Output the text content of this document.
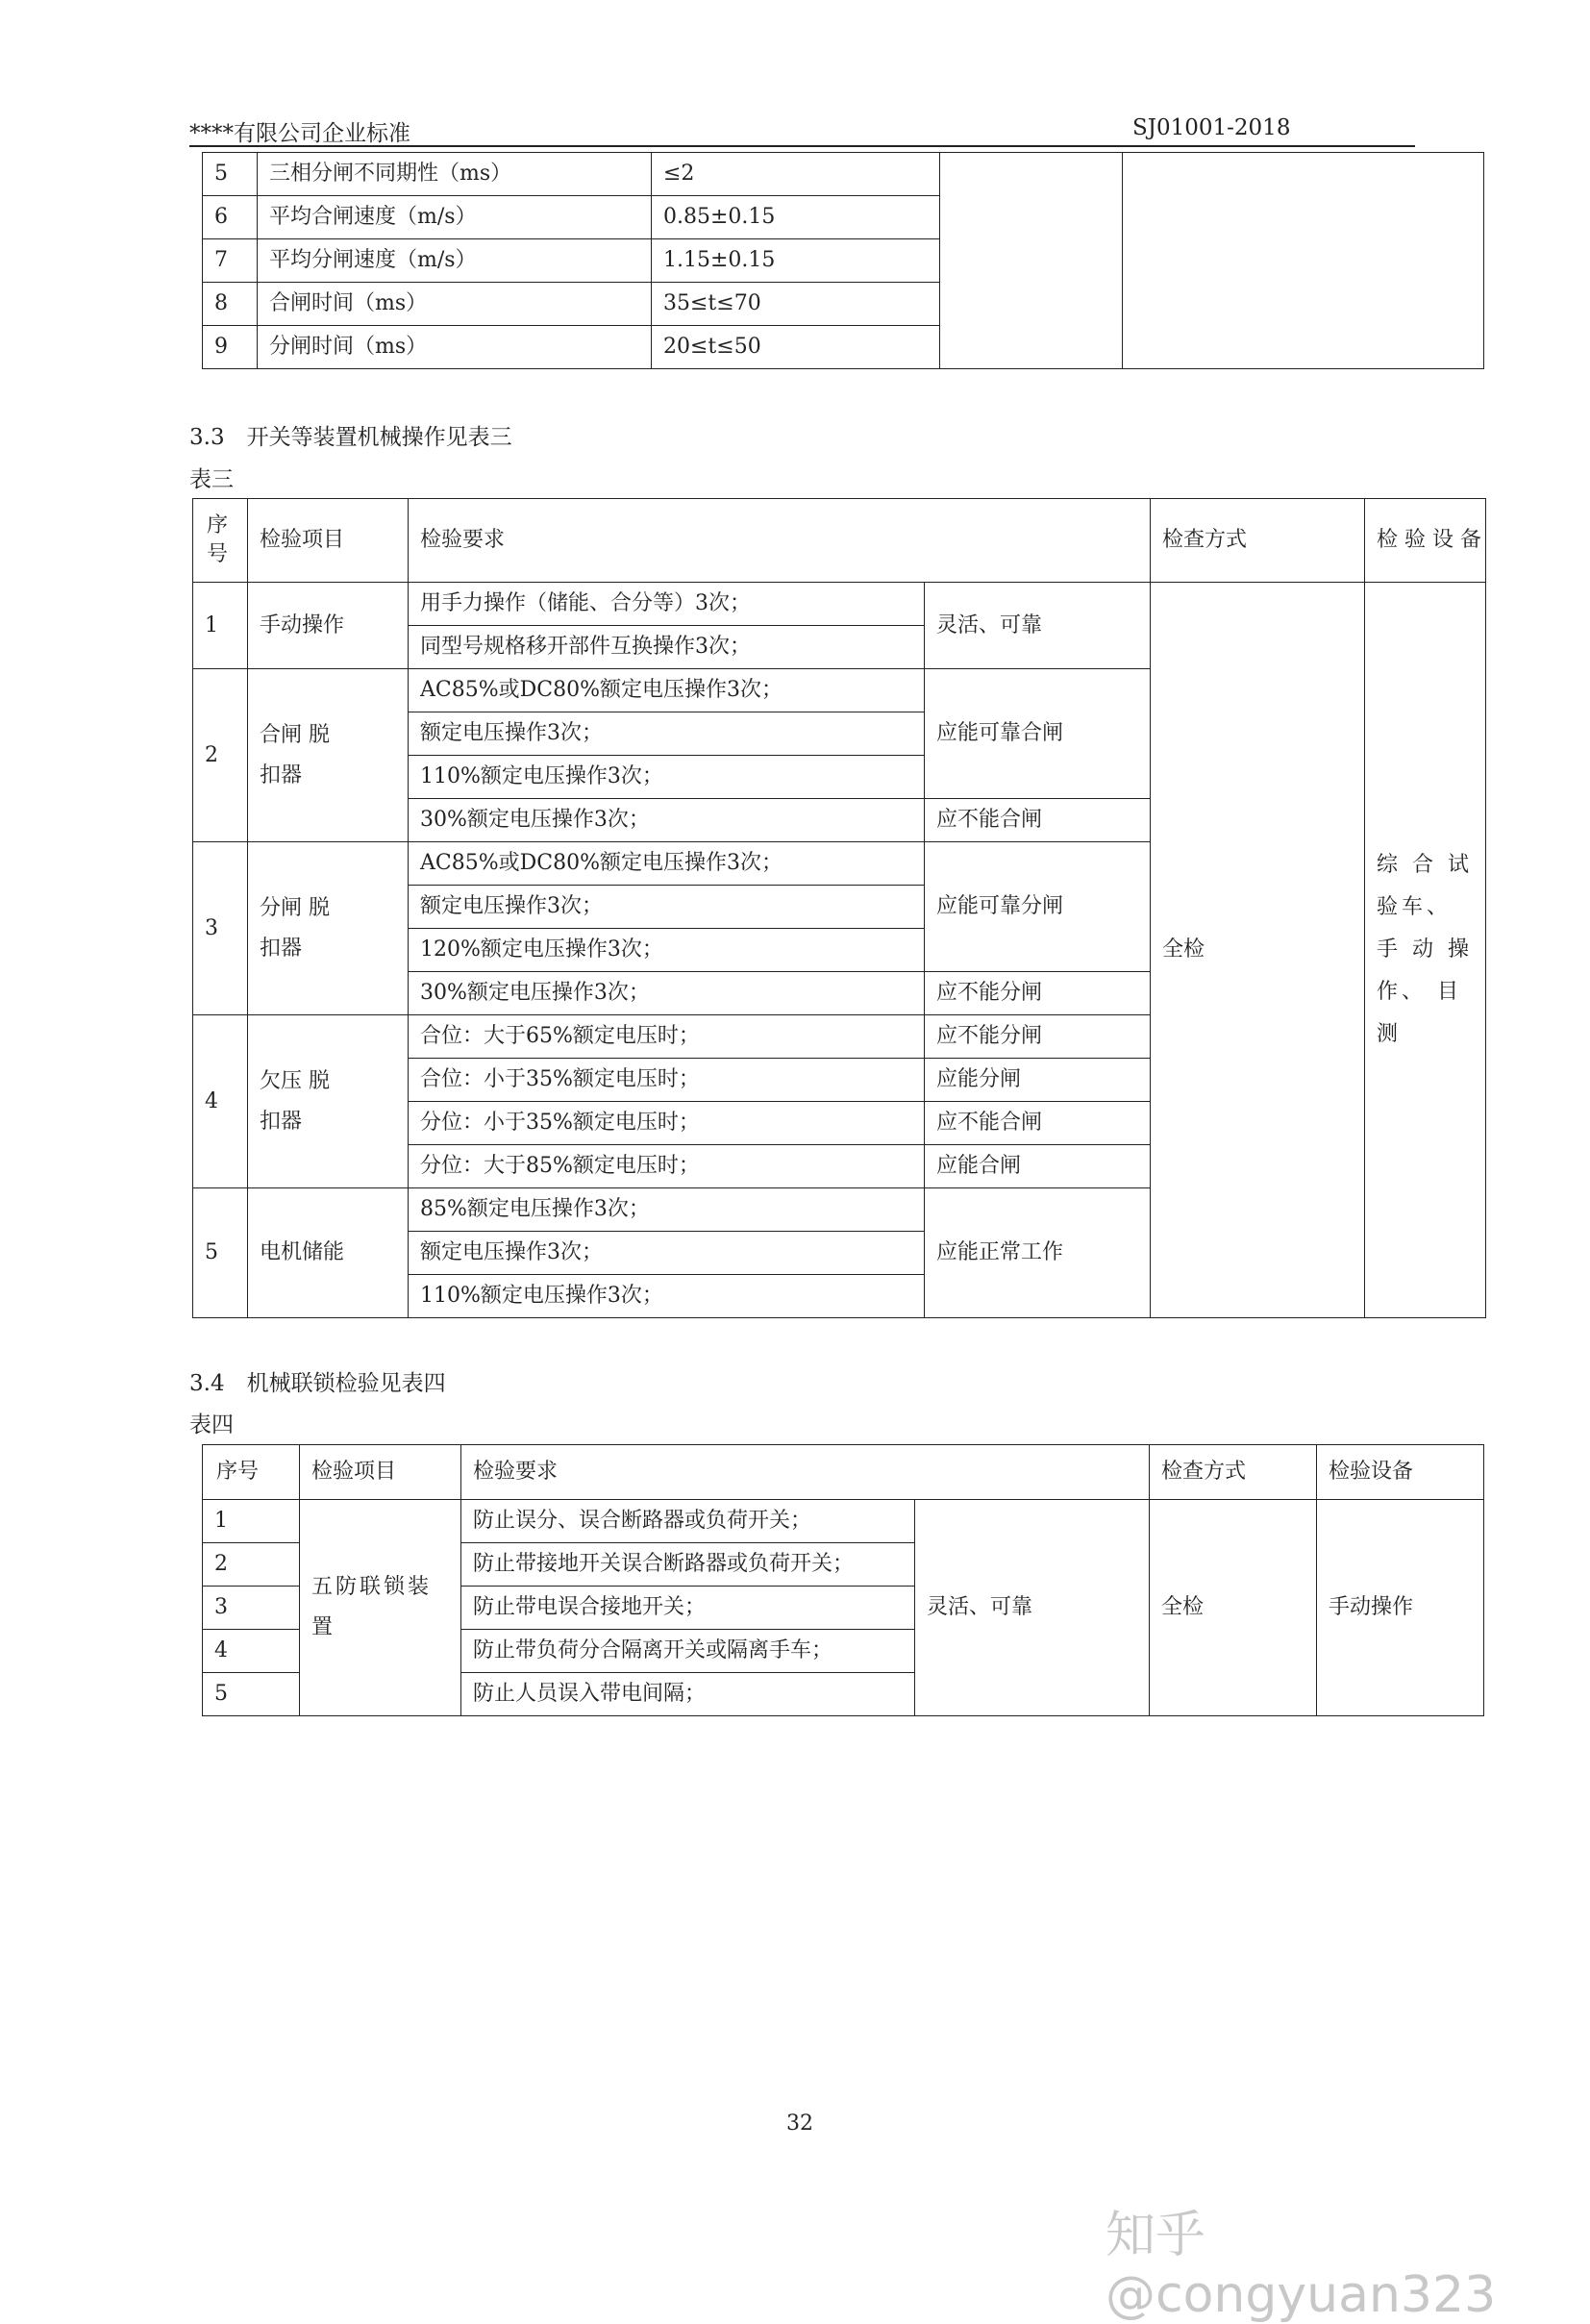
****有限公司企业标准	SJ01001-2018
5	三相分闸不同期性（ms）	≤2		
6	平均合闸速度（m/s）	0.85±0.15		
7	平均分闸速度（m/s）	1.15±0.15		
8	合闸时间（ms）	35≤t≤70		
9	分闸时间（ms）	20≤t≤50		
3.3　开关等装置机械操作见表三
表三
序号	检验项目	检验要求		检查方式	检 验 设 备
1	手动操作	用手力操作（储能、合分等）3次；	灵活、可靠	全检	综 合 试 验车、 手 动 操 作、 目测
		同型号规格移开部件互换操作3次；			
2	合闸 脱扣器	AC85%或DC80%额定电压操作3次；	应能可靠合闸		
		额定电压操作3次；			
		110%额定电压操作3次；			
		30%额定电压操作3次；	应不能合闸		
3	分闸 脱扣器	AC85%或DC80%额定电压操作3次；	应能可靠分闸		
		额定电压操作3次；			
		120%额定电压操作3次；			
		30%额定电压操作3次；	应不能分闸		
4	欠压 脱扣器	合位：大于65%额定电压时；	应不能分闸		
		合位：小于35%额定电压时；	应能分闸		
		分位：小于35%额定电压时；	应不能合闸		
		分位：大于85%额定电压时；	应能合闸		
5	电机储能	85%额定电压操作3次；	应能正常工作		
		额定电压操作3次；			
		110%额定电压操作3次；			
3.4　机械联锁检验见表四
表四
序号	检验项目	检验要求		检查方式	检验设备
1	五防联锁装 置	防止误分、误合断路器或负荷开关；	灵活、可靠	全检	手动操作
2		防止带接地开关误合断路器或负荷开关；			
3		防止带电误合接地开关；			
4		防止带负荷分合隔离开关或隔离手车；			
5		防止人员误入带电间隔；			
32
知乎 @congyuan323
